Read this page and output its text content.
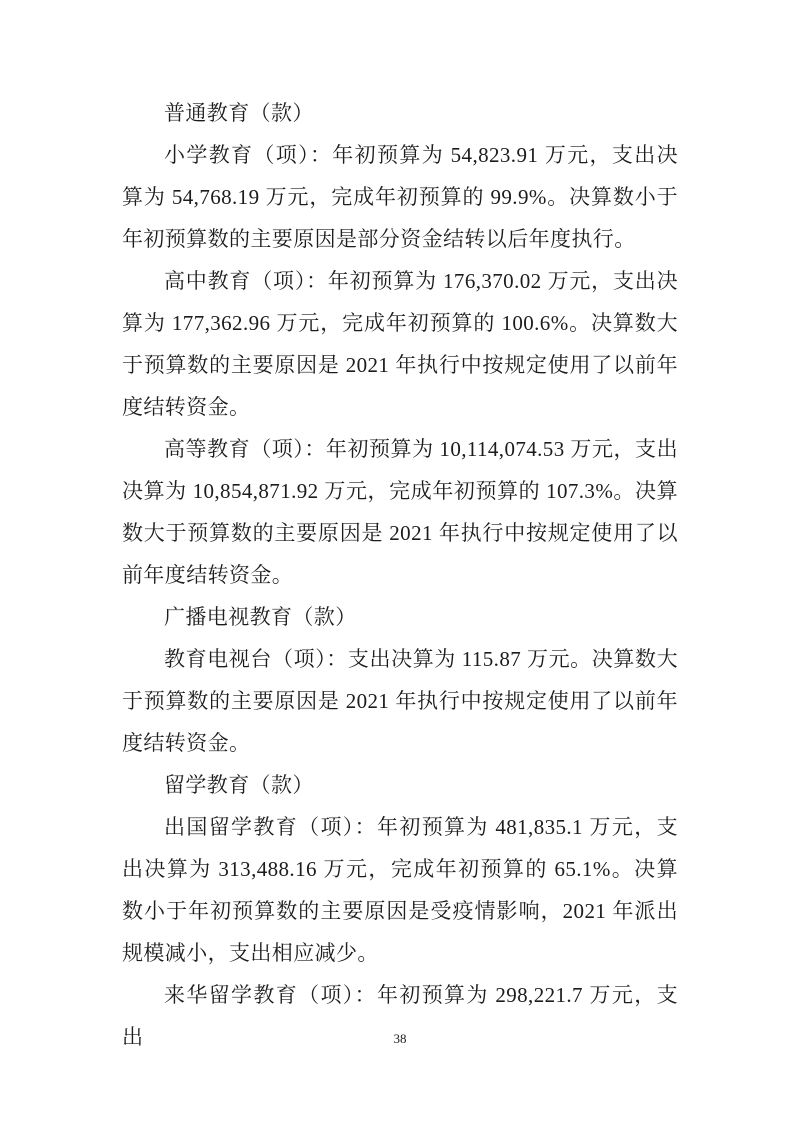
普通教育（款）

小学教育（项）：年初预算为 54,823.91 万元，支出决算为 54,768.19 万元，完成年初预算的 99.9%。决算数小于年初预算数的主要原因是部分资金结转以后年度执行。

高中教育（项）：年初预算为 176,370.02 万元，支出决算为 177,362.96 万元，完成年初预算的 100.6%。决算数大于预算数的主要原因是 2021 年执行中按规定使用了以前年度结转资金。

高等教育（项）：年初预算为 10,114,074.53 万元，支出决算为 10,854,871.92 万元，完成年初预算的 107.3%。决算数大于预算数的主要原因是 2021 年执行中按规定使用了以前年度结转资金。

广播电视教育（款）

教育电视台（项）：支出决算为 115.87 万元。决算数大于预算数的主要原因是 2021 年执行中按规定使用了以前年度结转资金。

留学教育（款）

出国留学教育（项）：年初预算为 481,835.1 万元，支出决算为 313,488.16 万元，完成年初预算的 65.1%。决算数小于年初预算数的主要原因是受疫情影响，2021 年派出规模减小，支出相应减少。

来华留学教育（项）：年初预算为 298,221.7 万元，支出	38
